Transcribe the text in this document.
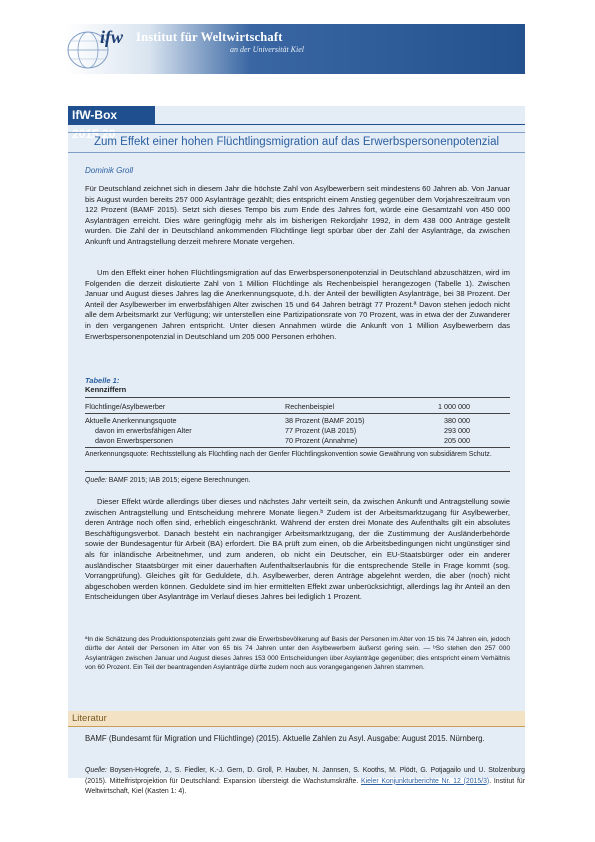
ifw Institut für Weltwirtschaft
an der Universität Kiel
IfW-Box 2015.20
Zum Effekt einer hohen Flüchtlingsmigration auf das Erwerbspersonenpotenzial
Dominik Groll
Für Deutschland zeichnet sich in diesem Jahr die höchste Zahl von Asylbewerbern seit mindestens 60 Jahren ab. Von Januar bis August wurden bereits 257 000 Asylanträge gezählt; dies entspricht einem Anstieg gegenüber dem Vorjahreszeitraum von 122 Prozent (BAMF 2015). Setzt sich dieses Tempo bis zum Ende des Jahres fort, würde eine Gesamtzahl von 450 000 Asylanträgen erreicht. Dies wäre geringfügig mehr als im bisherigen Rekordjahr 1992, in dem 438 000 Anträge gestellt wurden. Die Zahl der in Deutschland ankommenden Flüchtlinge liegt spürbar über der Zahl der Asylanträge, da zwischen Ankunft und Antragstellung derzeit mehrere Monate vergehen.
Um den Effekt einer hohen Flüchtlingsmigration auf das Erwerbspersonenpotenzial in Deutschland abzuschätzen, wird im Folgenden die derzeit diskutierte Zahl von 1 Million Flüchtlinge als Rechenbeispiel herangezogen (Tabelle 1). Zwischen Januar und August dieses Jahres lag die Anerkennungsquote, d.h. der Anteil der bewilligten Asylanträge, bei 38 Prozent. Der Anteil der Asylbewerber im erwerbsfähigen Alter zwischen 15 und 64 Jahren beträgt 77 Prozent.ª Davon stehen jedoch nicht alle dem Arbeitsmarkt zur Verfügung; wir unterstellen eine Partizipationsrate von 70 Prozent, was in etwa der der Zuwanderer in den vergangenen Jahren entspricht. Unter diesen Annahmen würde die Ankunft von 1 Million Asylbewerbern das Erwerbspersonenpotenzial in Deutschland um 205 000 Personen erhöhen.
Tabelle 1:
Kennziffern
Flüchtlinge/Asylbewerber	Rechenbeispiel	1 000 000
Aktuelle Anerkennungsquote	38 Prozent (BAMF 2015)	380 000
davon im erwerbsfähigen Alter	77 Prozent (IAB 2015)	293 000
davon Erwerbspersonen	70 Prozent (Annahme)	205 000
Anerkennungsquote: Rechtsstellung als Flüchtling nach der Genfer Flüchtlingskonvention sowie Gewährung von subsidiärem Schutz.
Quelle: BAMF 2015; IAB 2015; eigene Berechnungen.
Dieser Effekt würde allerdings über dieses und nächstes Jahr verteilt sein, da zwischen Ankunft und Antragstellung sowie zwischen Antragstellung und Entscheidung mehrere Monate liegen.ᵇ Zudem ist der Arbeitsmarktzugang für Asylbewerber, deren Anträge noch offen sind, erheblich eingeschränkt. Während der ersten drei Monate des Aufenthalts gilt ein absolutes Beschäftigungsverbot. Danach besteht ein nachrangiger Arbeitsmarktzugang, der die Zustimmung der Ausländerbehörde sowie der Bundesagentur für Arbeit (BA) erfordert. Die BA prüft zum einen, ob die Arbeitsbedingungen nicht ungünstiger sind als für inländische Arbeitnehmer, und zum anderen, ob nicht ein Deutscher, ein EU-Staatsbürger oder ein anderer ausländischer Staatsbürger mit einer dauerhaften Aufenthaltserlaubnis für die entsprechende Stelle in Frage kommt (sog. Vorrangprüfung). Gleiches gilt für Geduldete, d.h. Asylbewerber, deren Anträge abgelehnt werden, die aber (noch) nicht abgeschoben werden können. Geduldete sind im hier ermittelten Effekt zwar unberücksichtigt, allerdings lag ihr Anteil an den Entscheidungen über Asylanträge im Verlauf dieses Jahres bei lediglich 1 Prozent.
ªIn die Schätzung des Produktionspotenzials geht zwar die Erwerbsbevölkerung auf Basis der Personen im Alter von 15 bis 74 Jahren ein, jedoch dürfte der Anteil der Personen im Alter von 65 bis 74 Jahren unter den Asylbewerbern äußerst gering sein. — ᵇSo stehen den 257 000 Asylanträgen zwischen Januar und August dieses Jahres 153 000 Entscheidungen über Asylanträge gegenüber; dies entspricht einem Verhältnis von 60 Prozent. Ein Teil der beantragenden Asylanträge dürfte zudem noch aus vorangegangenen Jahren stammen.
Literatur
BAMF (Bundesamt für Migration und Flüchtlinge) (2015). Aktuelle Zahlen zu Asyl. Ausgabe: August 2015. Nürnberg.
Quelle: Boysen-Hogrefe, J., S. Fiedler, K.-J. Gern, D. Groll, P. Hauber, N. Jannsen, S. Kooths, M. Plödt, G. Potjagailo und U. Stolzenburg (2015). Mittelfristprojektion für Deutschland: Expansion übersteigt die Wachstumskräfte. Kieler Konjunkturberichte Nr. 12 (2015/3). Institut für Weltwirtschaft, Kiel (Kasten 1: 4).
